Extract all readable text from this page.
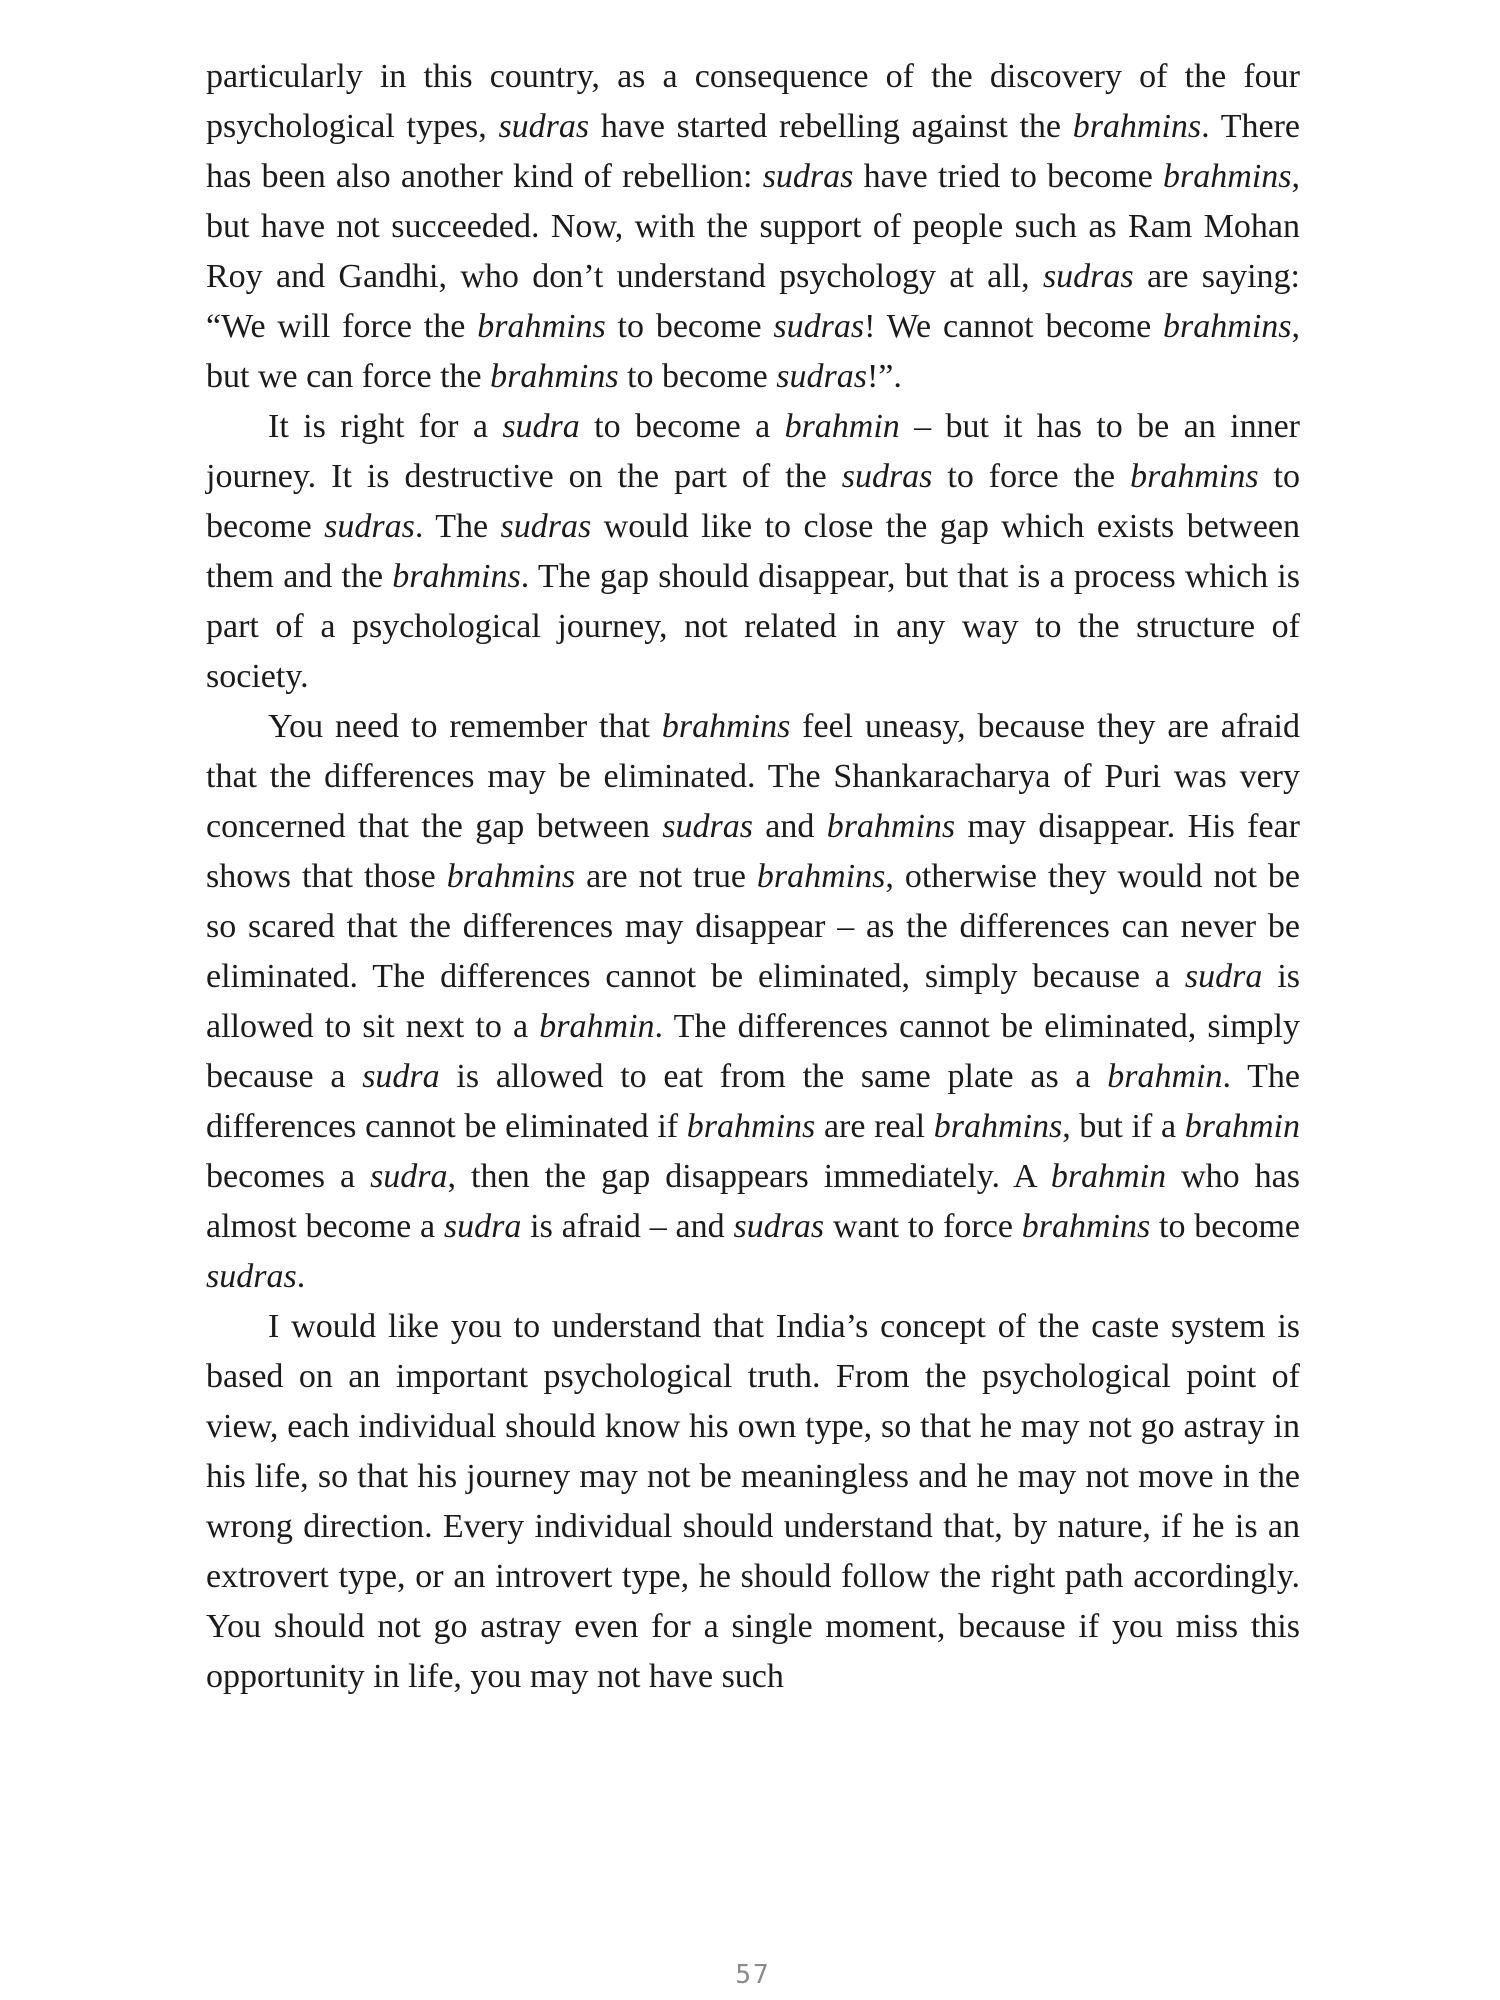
particularly in this country, as a consequence of the discovery of the four psychological types, sudras have started rebelling against the brahmins. There has been also another kind of rebellion: sudras have tried to become brahmins, but have not succeeded. Now, with the support of people such as Ram Mohan Roy and Gandhi, who don’t understand psychology at all, sudras are saying: “We will force the brahmins to become sudras! We cannot become brahmins, but we can force the brahmins to become sudras!”.

It is right for a sudra to become a brahmin – but it has to be an inner journey. It is destructive on the part of the sudras to force the brahmins to become sudras. The sudras would like to close the gap which exists between them and the brahmins. The gap should disappear, but that is a process which is part of a psychological journey, not related in any way to the structure of society.

You need to remember that brahmins feel uneasy, because they are afraid that the differences may be eliminated. The Shankaracharya of Puri was very concerned that the gap between sudras and brahmins may disappear. His fear shows that those brahmins are not true brahmins, otherwise they would not be so scared that the differences may disappear – as the differences can never be eliminated. The differences cannot be eliminated, simply because a sudra is allowed to sit next to a brahmin. The differences cannot be eliminated, simply because a sudra is allowed to eat from the same plate as a brahmin. The differences cannot be eliminated if brahmins are real brahmins, but if a brahmin becomes a sudra, then the gap disappears immediately. A brahmin who has almost become a sudra is afraid – and sudras want to force brahmins to become sudras.

I would like you to understand that India’s concept of the caste system is based on an important psychological truth. From the psychological point of view, each individual should know his own type, so that he may not go astray in his life, so that his journey may not be meaningless and he may not move in the wrong direction. Every individual should understand that, by nature, if he is an extrovert type, or an introvert type, he should follow the right path accordingly. You should not go astray even for a single moment, because if you miss this opportunity in life, you may not have such

57
